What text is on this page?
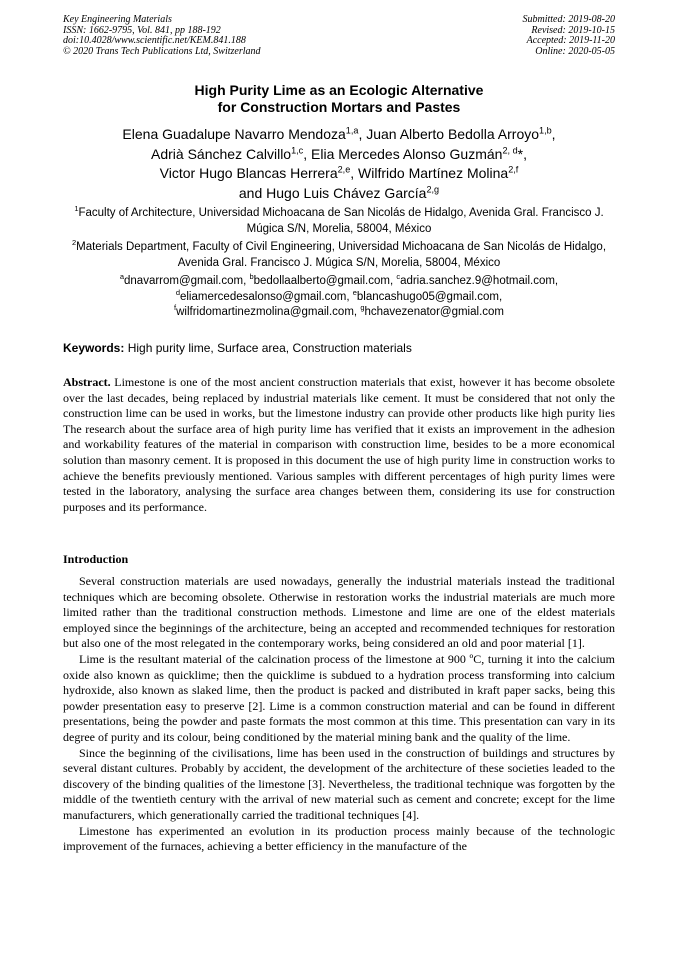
Key Engineering Materials
ISSN: 1662-9795, Vol. 841, pp 188-192
doi:10.4028/www.scientific.net/KEM.841.188
© 2020 Trans Tech Publications Ltd, Switzerland
Submitted: 2019-08-20
Revised: 2019-10-15
Accepted: 2019-11-20
Online: 2020-05-05
High Purity Lime as an Ecologic Alternative
for Construction Mortars and Pastes
Elena Guadalupe Navarro Mendoza$^{1,a}$, Juan Alberto Bedolla Arroyo$^{1,b}$,
Adrià Sánchez Calvillo$^{1,c}$, Elia Mercedes Alonso Guzmán$^{2, d}$*,
Victor Hugo Blancas Herrera$^{2,e}$, Wilfrido Martínez Molina$^{2,f}$
and Hugo Luis Chávez García$^{2,g}$
$^1$Faculty of Architecture, Universidad Michoacana de San Nicolás de Hidalgo, Avenida Gral. Francisco J. Múgica S/N, Morelia, 58004, México
$^2$Materials Department, Faculty of Civil Engineering, Universidad Michoacana de San Nicolás de Hidalgo, Avenida Gral. Francisco J. Múgica S/N, Morelia, 58004, México
$^a$dnavarrom@gmail.com, $^b$bedollaalberto@gmail.com, $^c$adria.sanchez.9@hotmail.com,
$^d$eliamercedesalonso@gmail.com, $^e$blancashugo05@gmail.com,
$^f$wilfridomartinezmolina@gmail.com, $^g$hchavezenator@gmial.com
Keywords: High purity lime, Surface area, Construction materials
Abstract. Limestone is one of the most ancient construction materials that exist, however it has become obsolete over the last decades, being replaced by industrial materials like cement. It must be considered that not only the construction lime can be used in works, but the limestone industry can provide other products like high purity lies The research about the surface area of high purity lime has verified that it exists an improvement in the adhesion and workability features of the material in comparison with construction lime, besides to be a more economical solution than masonry cement. It is proposed in this document the use of high purity lime in construction works to achieve the benefits previously mentioned. Various samples with different percentages of high purity limes were tested in the laboratory, analysing the surface area changes between them, considering its use for construction purposes and its performance.
Introduction

Several construction materials are used nowadays, generally the industrial materials instead the traditional techniques which are becoming obsolete. Otherwise in restoration works the industrial materials are much more limited rather than the traditional construction methods. Limestone and lime are one of the eldest materials employed since the beginnings of the architecture, being an accepted and recommended techniques for restoration but also one of the most relegated in the contemporary works, being considered an old and poor material [1].

Lime is the resultant material of the calcination process of the limestone at 900 ºC, turning it into the calcium oxide also known as quicklime; then the quicklime is subdued to a hydration process transforming into calcium hydroxide, also known as slaked lime, then the product is packed and distributed in kraft paper sacks, being this powder presentation easy to preserve [2]. Lime is a common construction material and can be found in different presentations, being the powder and paste formats the most common at this time. This presentation can vary in its degree of purity and its colour, being conditioned by the material mining bank and the quality of the lime.

Since the beginning of the civilisations, lime has been used in the construction of buildings and structures by several distant cultures. Probably by accident, the development of the architecture of these societies leaded to the discovery of the binding qualities of the limestone [3]. Nevertheless, the traditional technique was forgotten by the middle of the twentieth century with the arrival of new material such as cement and concrete; except for the lime manufacturers, which generationally carried the traditional techniques [4].

Limestone has experimented an evolution in its production process mainly because of the technologic improvement of the furnaces, achieving a better efficiency in the manufacture of the
